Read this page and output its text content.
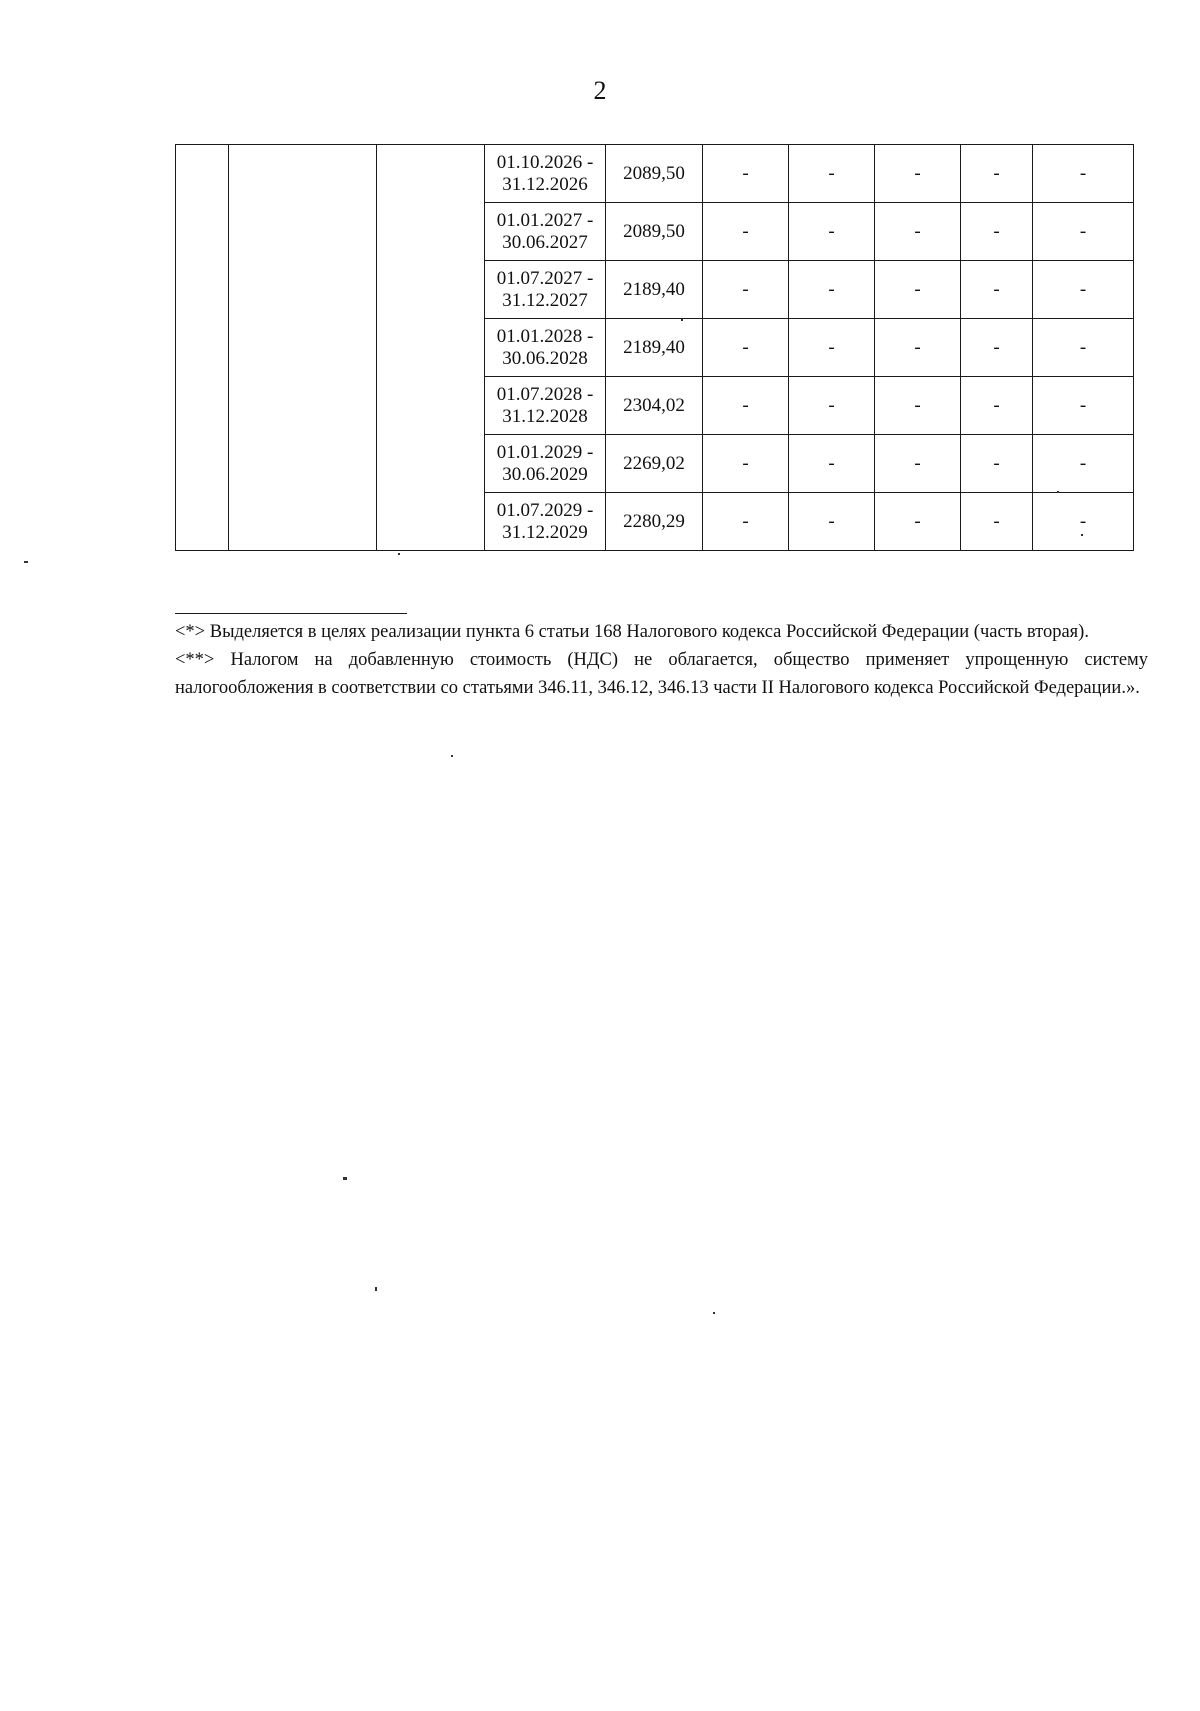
2

			01.10.2026 -
31.12.2026	2089,50	-	-	-	-	-

			01.01.2027 -
30.06.2027	2089,50	-	-	-	-	-

			01.07.2027 -
31.12.2027	2189,40	-	-	-	-	-

			01.01.2028 -
30.06.2028	2189,40	-	-	-	-	-

			01.07.2028 -
31.12.2028	2304,02	-	-	-	-	-

			01.01.2029 -
30.06.2029	2269,02	-	-	-	-	-

			01.07.2029 -
31.12.2029	2280,29	-	-	-	-	-

<*> Выделяется в целях реализации пункта 6 статьи 168 Налогового кодекса Российской Федерации (часть вторая).

<**> Налогом на добавленную стоимость (НДС) не облагается, общество применяет упрощенную систему налогообложения в соответствии со статьями 346.11, 346.12, 346.13 части II Налогового кодекса Российской Федерации.».
